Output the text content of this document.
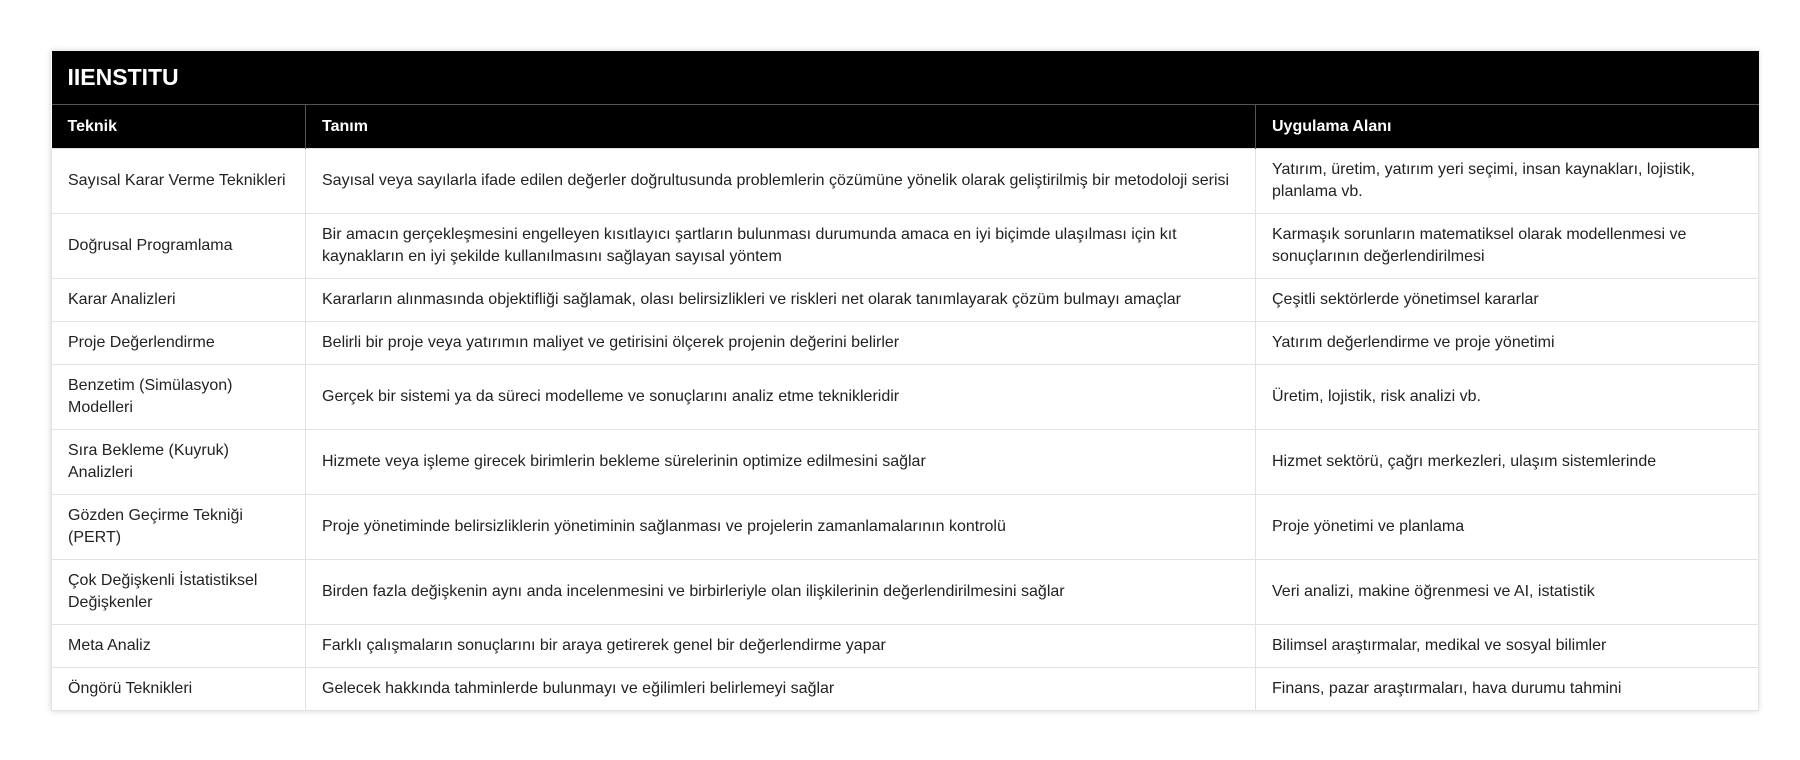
IIENSTITU		
Teknik	Tanım	Uygulama Alanı
Sayısal Karar Verme Teknikleri	Sayısal veya sayılarla ifade edilen değerler doğrultusunda problemlerin çözümüne yönelik olarak geliştirilmiş bir metodoloji serisi	Yatırım, üretim, yatırım yeri seçimi, insan kaynakları, lojistik, planlama vb.
Doğrusal Programlama	Bir amacın gerçekleşmesini engelleyen kısıtlayıcı şartların bulunması durumunda amaca en iyi biçimde ulaşılması için kıt kaynakların en iyi şekilde kullanılmasını sağlayan sayısal yöntem	Karmaşık sorunların matematiksel olarak modellenmesi ve sonuçlarının değerlendirilmesi
Karar Analizleri	Kararların alınmasında objektifliği sağlamak, olası belirsizlikleri ve riskleri net olarak tanımlayarak çözüm bulmayı amaçlar	Çeşitli sektörlerde yönetimsel kararlar
Proje Değerlendirme	Belirli bir proje veya yatırımın maliyet ve getirisini ölçerek projenin değerini belirler	Yatırım değerlendirme ve proje yönetimi
Benzetim (Simülasyon) Modelleri	Gerçek bir sistemi ya da süreci modelleme ve sonuçlarını analiz etme teknikleridir	Üretim, lojistik, risk analizi vb.
Sıra Bekleme (Kuyruk) Analizleri	Hizmete veya işleme girecek birimlerin bekleme sürelerinin optimize edilmesini sağlar	Hizmet sektörü, çağrı merkezleri, ulaşım sistemlerinde
Gözden Geçirme Tekniği (PERT)	Proje yönetiminde belirsizliklerin yönetiminin sağlanması ve projelerin zamanlamalarının kontrolü	Proje yönetimi ve planlama
Çok Değişkenli İstatistiksel Değişkenler	Birden fazla değişkenin aynı anda incelenmesini ve birbirleriyle olan ilişkilerinin değerlendirilmesini sağlar	Veri analizi, makine öğrenmesi ve AI, istatistik
Meta Analiz	Farklı çalışmaların sonuçlarını bir araya getirerek genel bir değerlendirme yapar	Bilimsel araştırmalar, medikal ve sosyal bilimler
Öngörü Teknikleri	Gelecek hakkında tahminlerde bulunmayı ve eğilimleri belirlemeyi sağlar	Finans, pazar araştırmaları, hava durumu tahmini
